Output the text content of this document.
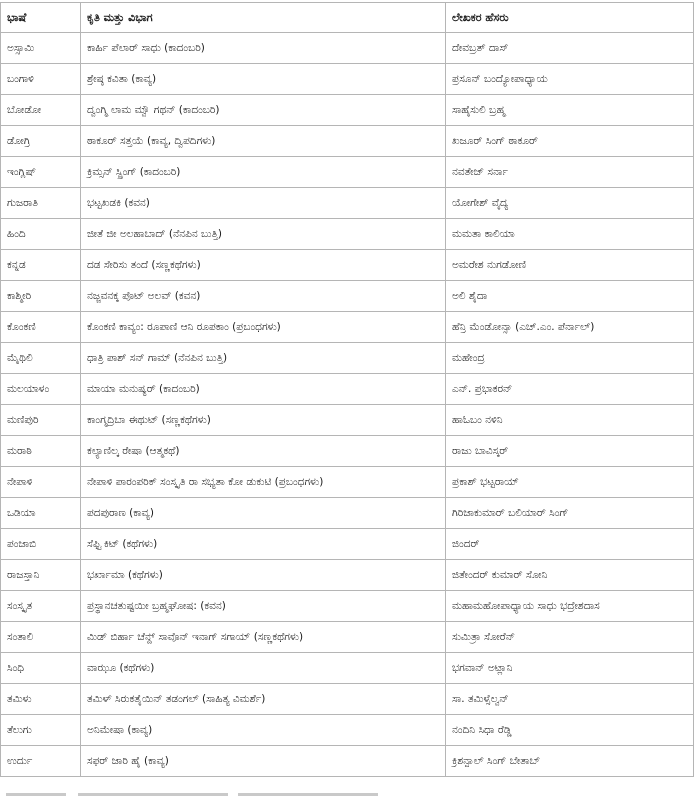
ಭಾಷೆ	ಕೃತಿ ಮತ್ತು ವಿಭಾಗ	ಲೇಖಕರ ಹೆಸರು
ಅಸ್ಸಾಮಿ	ಕಾರ್ಹಿ ಪೆಲಾರ್ ಸಾಧು (ಕಾದಂಬರಿ)	ದೇವಬ್ರತ್ ದಾಸ್
ಬಂಗಾಳಿ	ಶ್ರೇಷ್ಠ ಕವಿತಾ (ಕಾವ್ಯ)	ಪ್ರಸೂನ್ ಬಂದ್ಯೋಪಾಧ್ಯಾಯ
ಬೋಡೋ	ದ್ವಂಗ್ಮಿ ಲಾಮ ಮ್ವೌ ಗಥನ್ (ಕಾದಂಬರಿ)	ಸಾಹೈಸುಲಿ ಬ್ರಹ್ಮ
ಡೋಗ್ರಿ	ಠಾಕೂರ್ ಸತ್ತಯೆ (ಕಾವ್ಯ, ದ್ವಿಪದಿಗಳು)	ಖಜೂರ್ ಸಿಂಗ್ ಠಾಕೂರ್
ಇಂಗ್ಲಿಷ್	ಕ್ರಿಮ್ಸನ್ ಸ್ಪ್ರಿಂಗ್ (ಕಾದಂಬರಿ)	ನವತೇಜ್ ಸರ್ನಾ
ಗುಜರಾತಿ	ಭಟ್ಟಖಡಕಿ (ಕವನ)	ಯೋಗೇಶ್ ವೈದ್ಯ
ಹಿಂದಿ	ಜೀತೆ ಜೀ ಅಲಹಾಬಾದ್ (ನೆನಪಿನ ಬುತ್ತಿ)	ಮಮತಾ ಕಾಲಿಯಾ
ಕನ್ನಡ	ದಡ ಸೇರಿಸು ತಂದೆ (ಸಣ್ಣಕಥೆಗಳು)	ಅಮರೇಶ ನುಗಡೋಣಿ
ಕಾಶ್ಮೀರಿ	ನಜ್ಜವನಕ್ಕ ಪೊಟ್ ಅಲವ್ (ಕವನ)	ಅಲಿ ಶೈದಾ
ಕೊಂಕಣಿ	ಕೊಂಕಣಿ ಕಾವ್ಯಂ: ರೂಪಾಣಿ ಆನಿ ರೂಪಕಾಂ (ಪ್ರಬಂಧಗಳು)	ಹೆನ್ರಿ ಮೆಂಡೋನ್ಸಾ (ಎಚ್.ಎಂ. ಪೆರ್ನಾಲ್)
ಮೈಥಿಲಿ	ಧಾತ್ರಿ ಪಾಶ್ ಸನ್ ಗಾಮ್ (ನೆನಪಿನ ಬುತ್ತಿ)	ಮಹೇಂದ್ರ
ಮಲಯಾಳಂ	ಮಾಯಾ ಮನುಷ್ಯರ್ (ಕಾದಂಬರಿ)	ಎನ್. ಪ್ರಭಾಕರನ್
ಮಣಿಪುರಿ	ಕಾಂಗ್ಮದ್ರಿಬಾ ಈಥುಟ್ (ಸಣ್ಣಕಥೆಗಳು)	ಹಾಓಬಂ ನಳಿನಿ
ಮರಾಠಿ	ಕಲ್ಯಾಣಿಲ್ಕ ರೇಷಾ (ಆತ್ಮಕಥೆ)	ರಾಜು ಬಾವಿಸ್ಕರ್
ನೇಪಾಳಿ	ನೇಪಾಳಿ ಪಾರಂಪರಿಕ್ ಸಂಸ್ಕೃತಿ ರಾ ಸಭ್ಯತಾ ಕೋ ಡುಕುಟಿ (ಪ್ರಬಂಧಗಳು)	ಪ್ರಕಾಶ್ ಭಟ್ಟರಾಯ್
ಒಡಿಯಾ	ಪದಪುರಾಣ (ಕಾವ್ಯ)	ಗಿರಿಜಾಕುಮಾರ್ ಬಲಿಯಾರ್ ಸಿಂಗ್
ಪಂಜಾಬಿ	ಸೆಫ್ಟಿ ಕಿಟ್ (ಕಥೆಗಳು)	ಜಿಂದರ್
ರಾಜಸ್ತಾನಿ	ಭರ್ಖಾಮಾ (ಕಥೆಗಳು)	ಜಿತೇಂದರ್ ಕುಮಾರ್ ಸೋನಿ
ಸಂಸ್ಕೃತ	ಪ್ರಸ್ಥಾನಚತುಷ್ಟಯೀ ಬ್ರಹ್ಮಘೋಷ: (ಕವನ)	ಮಹಾಮಹೋಪಾಧ್ಯಾಯ ಸಾಧು ಭದ್ರೇಶದಾಸ
ಸಂತಾಲಿ	ಮಿಡ್ ಬಿರ್ಹಾ ಚೆನ್ದ್ ಸಾವೊನ್ ಇನಾಗ್ ಸಗಾಯ್ (ಸಣ್ಣಕಥೆಗಳು)	ಸುಮಿತ್ರಾ ಸೋರೆನ್
ಸಿಂಧಿ	ವಾಝೂ (ಕಥೆಗಳು)	ಭಗವಾನ್ ಅಟ್ಲಾನಿ
ತಮಿಳು	ತಮಿಳ್ ಸಿರುಕತೈಯಿನ್ ತಡಂಗಲ್ (ಸಾಹಿತ್ಯ ವಿಮರ್ಶೆ)	ಸಾ. ತಮಿಳ್ಸೆಲ್ವನ್
ತೆಲುಗು	ಅನಿಮೇಷಾ (ಕಾವ್ಯ)	ನಂದಿನಿ ಸಿಧಾ ರೆಡ್ಡಿ
ಉರ್ದು	ಸಫರ್ ಜಾರಿ ಹೈ (ಕಾವ್ಯ)	ಕ್ರಿಶನ್ಪಾಲ್ ಸಿಂಗ್ ಬೇತಾಬ್
